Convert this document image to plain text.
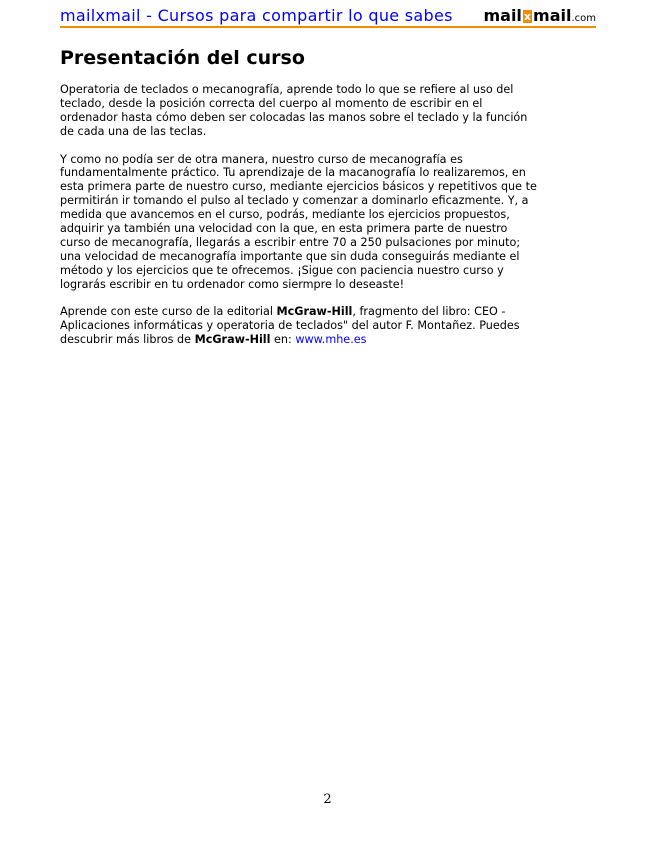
mailxmail - Cursos para compartir lo que sabes mail x mail.com
Presentación del curso

Operatoria de teclados o mecanografía, aprende todo lo que se refiere al uso del
teclado, desde la posición correcta del cuerpo al momento de escribir en el
ordenador hasta cómo deben ser colocadas las manos sobre el teclado y la función
de cada una de las teclas.

Y como no podía ser de otra manera, nuestro curso de mecanografía es
fundamentalmente práctico. Tu aprendizaje de la macanografía lo realizaremos, en
esta primera parte de nuestro curso, mediante ejercicios básicos y repetitivos que te
permitirán ir tomando el pulso al teclado y comenzar a dominarlo eficazmente. Y, a
medida que avancemos en el curso, podrás, mediante los ejercicios propuestos,
adquirir ya también una velocidad con la que, en esta primera parte de nuestro
curso de mecanografía, llegarás a escribir entre 70 a 250 pulsaciones por minuto;
una velocidad de mecanografía importante que sin duda conseguirás mediante el
método y los ejercicios que te ofrecemos. ¡Sigue con paciencia nuestro curso y
lograrás escribir en tu ordenador como siermpre lo deseaste!

Aprende con este curso de la editorial McGraw-Hill, fragmento del libro: CEO -
Aplicaciones informáticas y operatoria de teclados" del autor F. Montañez. Puedes
descubrir más libros de McGraw-Hill en: www.mhe.es

2
